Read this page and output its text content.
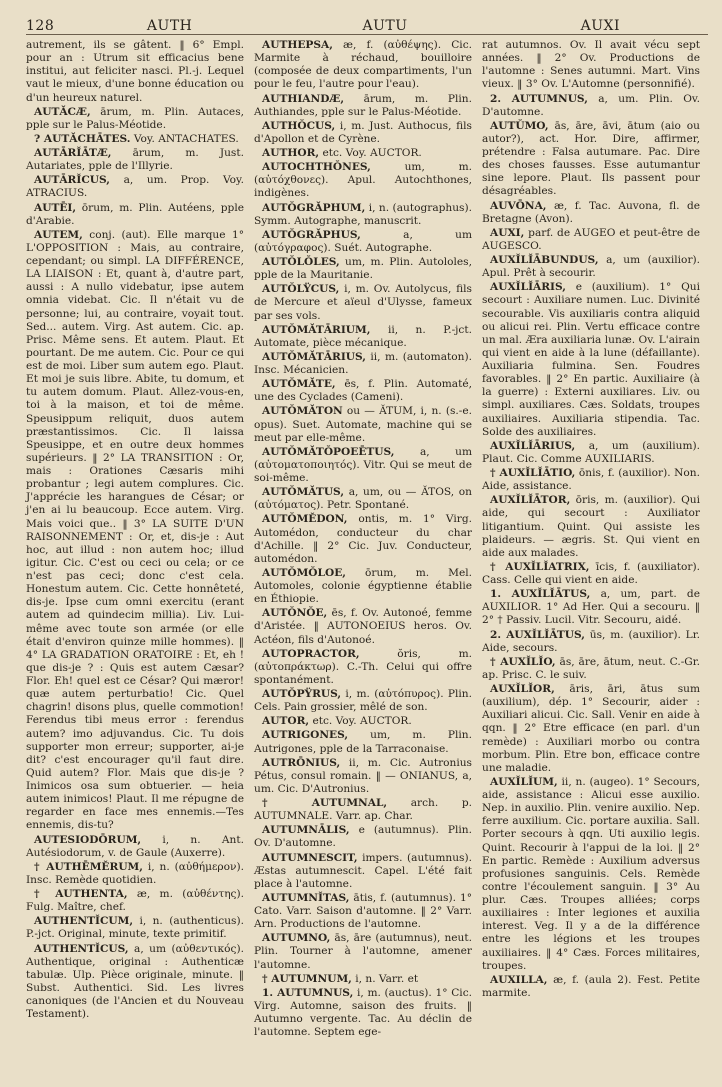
128	AUTH	AUTU	AUXI

autrement, ils se gâtent. ‖ 6° Empl. pour an : Utrum sit efficacius bene institui, aut feliciter nasci. Pl.-j. Lequel vaut le mieux, d'une bonne éducation ou d'un heureux naturel.

AUTĂCÆ, ārum, m. Plin. Autaces, pple sur le Palus-Méotide.

? AUTĂCHĀTES. Voy. ANTACHATES.

AUTĀRĬĀTÆ, ārum, m. Just. Autariates, pple de l'Illyrie.

AUTĀRĬCUS, a, um. Prop. Voy. ATRACIUS.

AUTĒI, ōrum, m. Plin. Autéens, pple d'Arabie.

AUTEM, conj. (aut). Elle marque 1° L'OPPOSITION : Mais, au contraire, cependant; ou simpl. LA DIFFÉRENCE, LA LIAISON : Et, quant à, d'autre part, aussi : A nullo videbatur, ipse autem omnia videbat. Cic. Il n'était vu de personne; lui, au contraire, voyait tout. Sed... autem. Virg. Ast autem. Cic. ap. Prisc. Même sens. Et autem. Plaut. Et pourtant. De me autem. Cic. Pour ce qui est de moi. Liber sum autem ego. Plaut. Et moi je suis libre. Abite, tu domum, et tu autem domum. Plaut. Allez-vous-en, toi à la maison, et toi de même. Speusippum reliquit, duos autem præstantissimos. Cic. Il laissa Speusippe, et en outre deux hommes supérieurs. ‖ 2° LA TRANSITION : Or, mais : Orationes Cæsaris mihi probantur ; legi autem complures. Cic. J'apprécie les harangues de César; or j'en ai lu beaucoup. Ecce autem. Virg. Mais voici que.. ‖ 3° LA SUITE D'UN RAISONNEMENT : Or, et, dis-je : Aut hoc, aut illud : non autem hoc; illud igitur. Cic. C'est ou ceci ou cela; or ce n'est pas ceci; donc c'est cela. Honestum autem. Cic. Cette honnêteté, dis-je. Ipse cum omni exercitu (erant autem ad quindecim millia). Liv. Lui-même avec toute son armée (or elle était d'environ quinze mille hommes). ‖ 4° LA GRADATION ORATOIRE : Et, eh ! que dis-je ? : Quis est autem Cæsar? Flor. Eh! quel est ce César? Qui mæror! quæ autem perturbatio! Cic. Quel chagrin! disons plus, quelle commotion! Ferendus tibi meus error : ferendus autem? imo adjuvandus. Cic. Tu dois supporter mon erreur; supporter, ai-je dit? c'est encourager qu'il faut dire. Quid autem? Flor. Mais que dis-je ? Inimicos osa sum obtuerier. — heia autem inimicos! Plaut. Il me répugne de regarder en face mes ennemis.—Tes ennemis, dis-tu?

AUTESIODŌRUM, i, n. Ant. Autésiodorum, v. de Gaule (Auxerre).

† AUTHĒMĔRUM, i, n. (αὐθήμερον). Insc. Remède quotidien.

† AUTHENTA, æ, m. (αὐθέντης). Fulg. Maître, chef.

AUTHENTĬCUM, i, n. (authenticus). P.-jct. Original, minute, texte primitif.

AUTHENTĬCUS, a, um (αὐθεντικός). Authentique, original : Authenticæ tabulæ. Ulp. Pièce originale, minute. ‖ Subst. Authentici. Sid. Les livres canoniques (de l'Ancien et du Nouveau Testament).

AUTHEPSA, æ, f. (αὐθέψης). Cic. Marmite à réchaud, bouilloire (composée de deux compartiments, l'un pour le feu, l'autre pour l'eau).

AUTHIANDÆ, ārum, m. Plin. Authiandes, pple sur le Palus-Méotide.

AUTHŎCUS, i, m. Just. Authocus, fils d'Apollon et de Cyrène.

AUTHOR, etc. Voy. AUCTOR.

AUTOCHTHŎNES,	um, m. (αὐτόχθονες). Apul. Autochthones, indigènes.

AUTŎGRĂPHUM, i, n. (autographus). Symm. Autographe, manuscrit.

AUTŎGRĂPHUS,	a, um (αὐτόγραφος). Suét. Autographe.

AUTŎLŎLES, um, m. Plin. Autololes, pple de la Mauritanie.

AUTŎLŸCUS, i, m. Ov. Autolycus, fils de Mercure et aïeul d'Ulysse, fameux par ses vols.

AUTŎMĂTĀRIUM, ii, n. P.-jct. Automate, pièce mécanique.

AUTŎMĂTĀRIUS, ii, m. (automaton). Insc. Mécanicien.

AUTŎMĂTE, ēs, f. Plin. Automaté, une des Cyclades (Cameni).

AUTŎMĂTON ou — ĂTUM, i, n. (s.-e. opus). Suet. Automate, machine qui se meut par elle-même.

AUTŎMĂTŎPOEĒTUS, a, um (αὐτοματοποιητός). Vitr. Qui se meut de soi-même.

AUTŎMĂTUS, a, um, ou — ĂTOS, on (αὐτόματος). Petr. Spontané.

AUTŎMĔDON, ontis, m. 1° Virg. Automédon, conducteur du char d'Achille. ‖ 2° Cic. Juv. Conducteur, automédon.

AUTŎMŎLOE, ōrum, m. Mel. Automoles, colonie égyptienne établie en Éthiopie.

AUTŎNŎE, ēs, f. Ov. Autonoé, femme d'Aristée. ‖ AUTONOEIUS heros. Ov. Actéon, fils d'Autonoé.

AUTOPRACTOR,	ŏris, m. (αὐτοπράκτωρ). C.-Th. Celui qui offre spontanément.

AUTŎPŸRUS, i, m. (αὐτόπυρος). Plin. Cels. Pain grossier, mêlé de son.

AUTOR, etc. Voy. AUCTOR.

AUTRIGONES, um, m. Plin. Autrigones, pple de la Tarraconaise.

AUTRŌNIUS, ii, m. Cic. Autronius Pétus, consul romain. ‖ — ONIANUS, a, um. Cic. D'Autronius.

† AUTUMNAL, arch. p. AUTUMNALE. Varr. ap. Char.

AUTUMNĀLIS, e (autumnus). Plin. Ov. D'automne.

AUTUMNESCIT, impers. (autumnus). Æstas autumnescit. Capel. L'été fait place à l'automne.

AUTUMNĬTAS, ātis, f. (autumnus). 1° Cato. Varr. Saison d'automne. ‖ 2° Varr. Arn. Productions de l'automne.

AUTUMNO, ās, āre (autumnus), neut. Plin. Tourner à l'automne, amener l'automne.

† AUTUMNUM, i, n. Varr. et

1. AUTUMNUS, i, m. (auctus). 1° Cic. Virg. Automne, saison des fruits. ‖ Autumno vergente. Tac. Au déclin de l'automne. Septem ege-

rat autumnos. Ov. Il avait vécu sept années. ‖ 2° Ov. Productions de l'automne : Senes autumni. Mart. Vins vieux. ‖ 3° Ov. L'Automne (personnifié).

2. AUTUMNUS, a, um. Plin. Ov. D'automne.

AUTŬMO, ās, āre, āvi, ātum (aio ou autor?), act. Hor. Dire, affirmer, prétendre : Falsa autumare. Pac. Dire des choses fausses. Esse autumantur sine lepore. Plaut. Ils passent pour désagréables.

AUVŌNA, æ, f. Tac. Auvona, fl. de Bretagne (Avon).

AUXI, parf. de AUGEO et peut-être de AUGESCO.

AUXĬLĬĀBUNDUS, a, um (auxilior). Apul. Prêt à secourir.

AUXĬLĬĀRIS, e (auxilium). 1° Qui secourt : Auxiliare numen. Luc. Divinité secourable. Vis auxiliaris contra aliquid ou alicui rei. Plin. Vertu efficace contre un mal. Æra auxiliaria lunæ. Ov. L'airain qui vient en aide à la lune (défaillante). Auxiliaria fulmina. Sen. Foudres favorables. ‖ 2° En partic. Auxiliaire (à la guerre) : Externi auxiliares. Liv. ou simpl. auxiliares. Cæs. Soldats, troupes auxiliaires. Auxiliaria stipendia. Tac. Solde des auxiliaires.

AUXĬLĬĀRIUS, a, um (auxilium). Plaut. Cic. Comme AUXILIARIS.

† AUXĬLĬĀTIO, ōnis, f. (auxilior). Non. Aide, assistance.

AUXĬLĬĀTOR, ōris, m. (auxilior). Qui aide, qui secourt : Auxiliator litigantium. Quint. Qui assiste les plaideurs. — ægris. St. Qui vient en aide aux malades.

† AUXĬLĬATRIX, īcis, f. (auxiliator). Cass. Celle qui vient en aide.

1. AUXĬLĬĀTUS, a, um, part. de AUXILIOR. 1° Ad Her. Qui a secouru. ‖ 2° † Passiv. Lucil. Vitr. Secouru, aidé.

2. AUXĬLĬĀTUS, ūs, m. (auxilior). Lr. Aide, secours.

† AUXĬLĬO, ās, āre, ātum, neut. C.-Gr. ap. Prisc. C. le suiv.

AUXĬLĬOR, āris, āri, ātus sum (auxilium), dép. 1° Secourir, aider : Auxiliari alicui. Cic. Sall. Venir en aide à qqn. ‖ 2° Etre efficace (en parl. d'un remède) : Auxiliari morbo ou contra morbum. Plin. Etre bon, efficace contre une maladie.

AUXĬLĬUM, ii, n. (augeo). 1° Secours, aide, assistance : Alicui esse auxilio. Nep. in auxilio. Plin. venire auxilio. Nep. ferre auxilium. Cic. portare auxilia. Sall. Porter secours à qqn. Uti auxilio legis. Quint. Recourir à l'appui de la loi. ‖ 2° En partic. Remède : Auxilium adversus profusiones sanguinis. Cels. Remède contre l'écoulement sanguin. ‖ 3° Au plur. Cæs. Troupes alliées; corps auxiliaires : Inter legiones et auxilia interest. Veg. Il y a de la différence entre les légions et les troupes auxiliaires. ‖ 4° Cæs. Forces militaires, troupes.

AUXILLA, æ, f. (aula 2). Fest. Petite marmite.
